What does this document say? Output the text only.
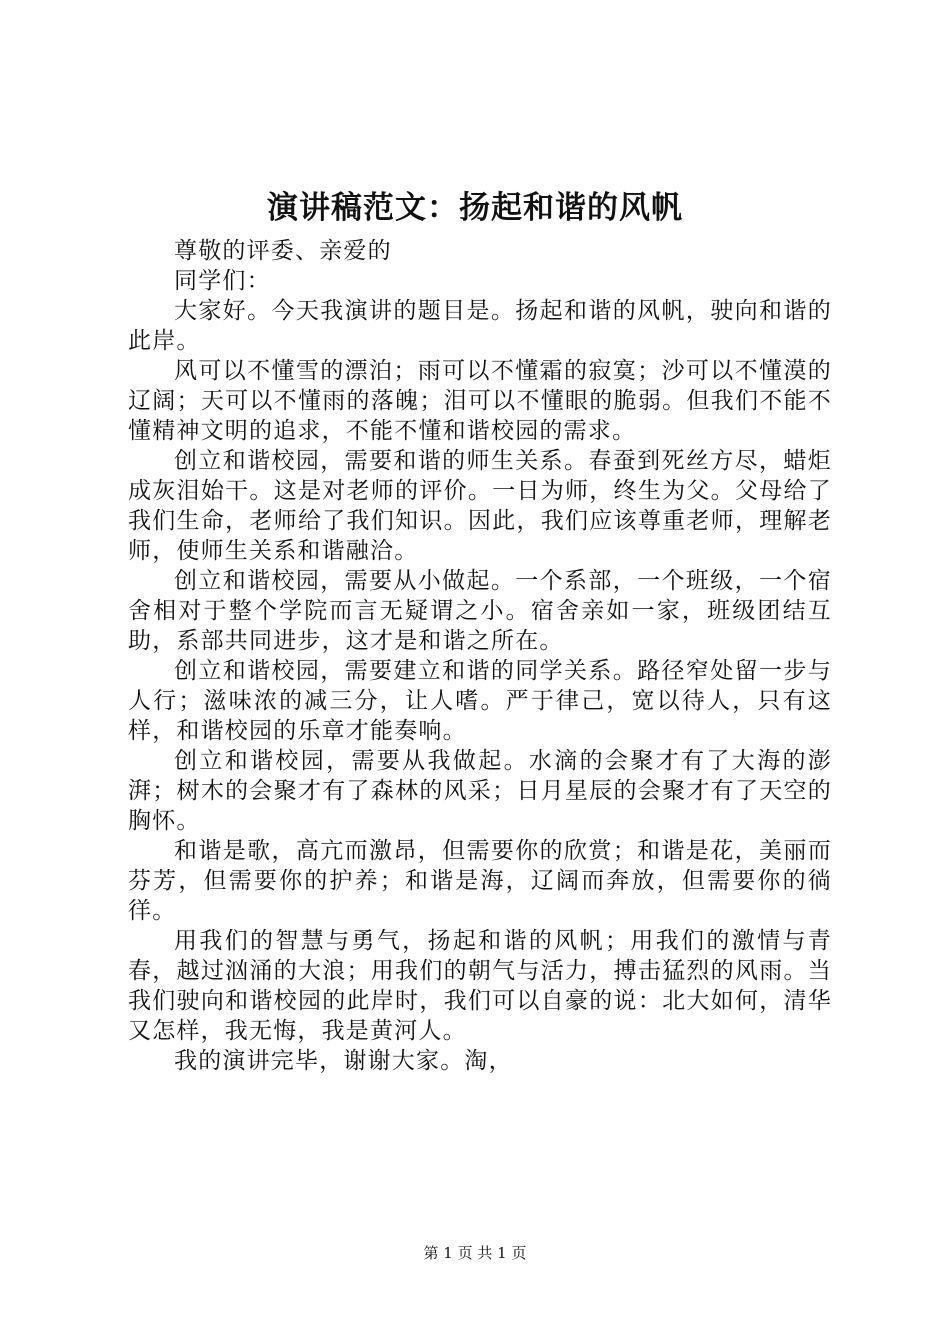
演讲稿范文：扬起和谐的风帆

尊敬的评委、亲爱的

同学们：

大家好。今天我演讲的题目是。扬起和谐的风帆，驶向和谐的此岸。

风可以不懂雪的漂泊；雨可以不懂霜的寂寞；沙可以不懂漠的辽阔；天可以不懂雨的落魄；泪可以不懂眼的脆弱。但我们不能不懂精神文明的追求，不能不懂和谐校园的需求。

创立和谐校园，需要和谐的师生关系。春蚕到死丝方尽，蜡炬成灰泪始干。这是对老师的评价。一日为师，终生为父。父母给了我们生命，老师给了我们知识。因此，我们应该尊重老师，理解老师，使师生关系和谐融洽。

创立和谐校园，需要从小做起。一个系部，一个班级，一个宿舍相对于整个学院而言无疑谓之小。宿舍亲如一家，班级团结互助，系部共同进步，这才是和谐之所在。

创立和谐校园，需要建立和谐的同学关系。路径窄处留一步与人行；滋味浓的减三分，让人嗜。严于律己，宽以待人，只有这样，和谐校园的乐章才能奏响。

创立和谐校园，需要从我做起。水滴的会聚才有了大海的澎湃；树木的会聚才有了森林的风采；日月星辰的会聚才有了天空的胸怀。

和谐是歌，高亢而激昂，但需要你的欣赏；和谐是花，美丽而芬芳，但需要你的护养；和谐是海，辽阔而奔放，但需要你的徜徉。

用我们的智慧与勇气，扬起和谐的风帆；用我们的激情与青春，越过汹涌的大浪；用我们的朝气与活力，搏击猛烈的风雨。当我们驶向和谐校园的此岸时，我们可以自豪的说：北大如何，清华又怎样，我无悔，我是黄河人。

我的演讲完毕，谢谢大家。淘，

第 1 页 共 1 页
